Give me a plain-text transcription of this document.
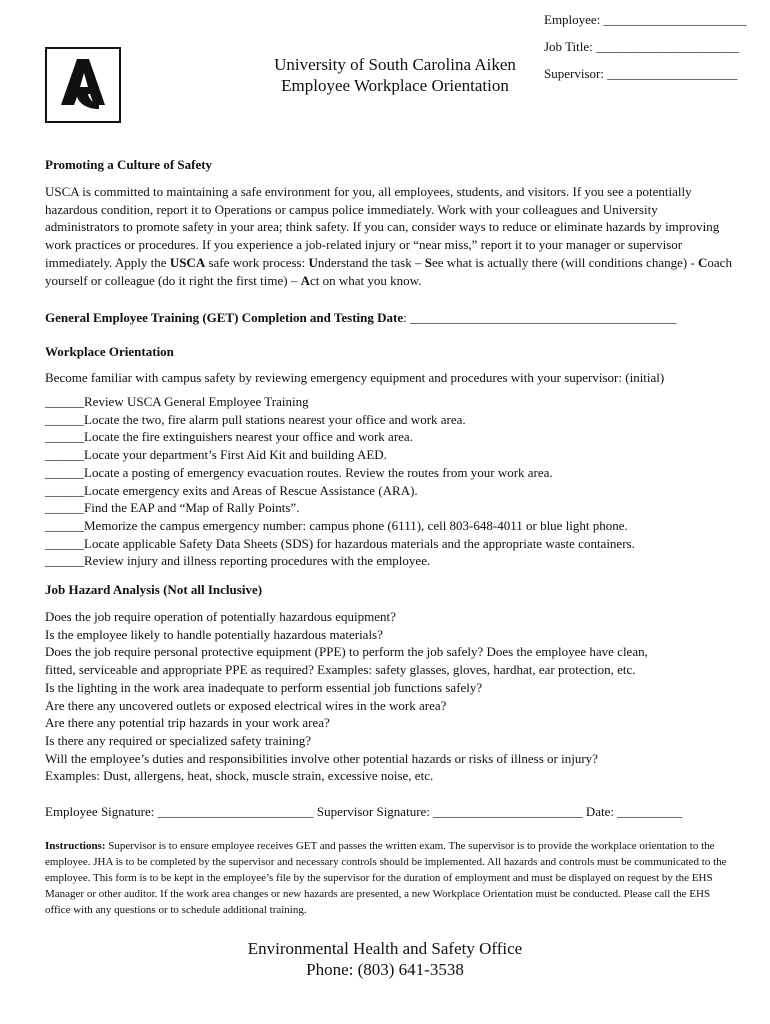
University of South Carolina Aiken
Employee Workplace Orientation
Employee: ______________________
Job Title: ______________________
Supervisor: ____________________
Promoting a Culture of Safety
USCA is committed to maintaining a safe environment for you, all employees, students, and visitors. If you see a potentially hazardous condition, report it to Operations or campus police immediately. Work with your colleagues and University administrators to promote safety in your area; think safety. If you can, consider ways to reduce or eliminate hazards by improving work practices or procedures. If you experience a job-related injury or “near miss,” report it to your manager or supervisor immediately. Apply the USCA safe work process: Understand the task – See what is actually there (will conditions change) - Coach yourself or colleague (do it right the first time) – Act on what you know.
General Employee Training (GET) Completion and Testing Date: _________________________________________
Workplace Orientation
Become familiar with campus safety by reviewing emergency equipment and procedures with your supervisor: (initial)
______Review USCA General Employee Training
______Locate the two, fire alarm pull stations nearest your office and work area.
______Locate the fire extinguishers nearest your office and work area.
______Locate your department’s First Aid Kit and building AED.
______Locate a posting of emergency evacuation routes. Review the routes from your work area.
______Locate emergency exits and Areas of Rescue Assistance (ARA).
______Find the EAP and “Map of Rally Points”.
______Memorize the campus emergency number: campus phone (6111), cell 803-648-4011 or blue light phone.
______Locate applicable Safety Data Sheets (SDS) for hazardous materials and the appropriate waste containers.
______Review injury and illness reporting procedures with the employee.
Job Hazard Analysis (Not all Inclusive)
Does the job require operation of potentially hazardous equipment?
Is the employee likely to handle potentially hazardous materials?
Does the job require personal protective equipment (PPE) to perform the job safely? Does the employee have clean,
fitted, serviceable and appropriate PPE as required? Examples: safety glasses, gloves, hardhat, ear protection, etc.
Is the lighting in the work area inadequate to perform essential job functions safely?
Are there any uncovered outlets or exposed electrical wires in the work area?
Are there any potential trip hazards in your work area?
Is there any required or specialized safety training?
Will the employee’s duties and responsibilities involve other potential hazards or risks of illness or injury?
Examples: Dust, allergens, heat, shock, muscle strain, excessive noise, etc.
Employee Signature: ________________________ Supervisor Signature: _______________________ Date: __________
Instructions: Supervisor is to ensure employee receives GET and passes the written exam. The supervisor is to provide the workplace orientation to the employee. JHA is to be completed by the supervisor and necessary controls should be implemented. All hazards and controls must be communicated to the employee. This form is to be kept in the employee’s file by the supervisor for the duration of employment and must be displayed on request by the EHS Manager or other auditor. If the work area changes or new hazards are presented, a new Workplace Orientation must be conducted. Please call the EHS office with any questions or to schedule additional training.
Environmental Health and Safety Office
Phone: (803) 641-3538
